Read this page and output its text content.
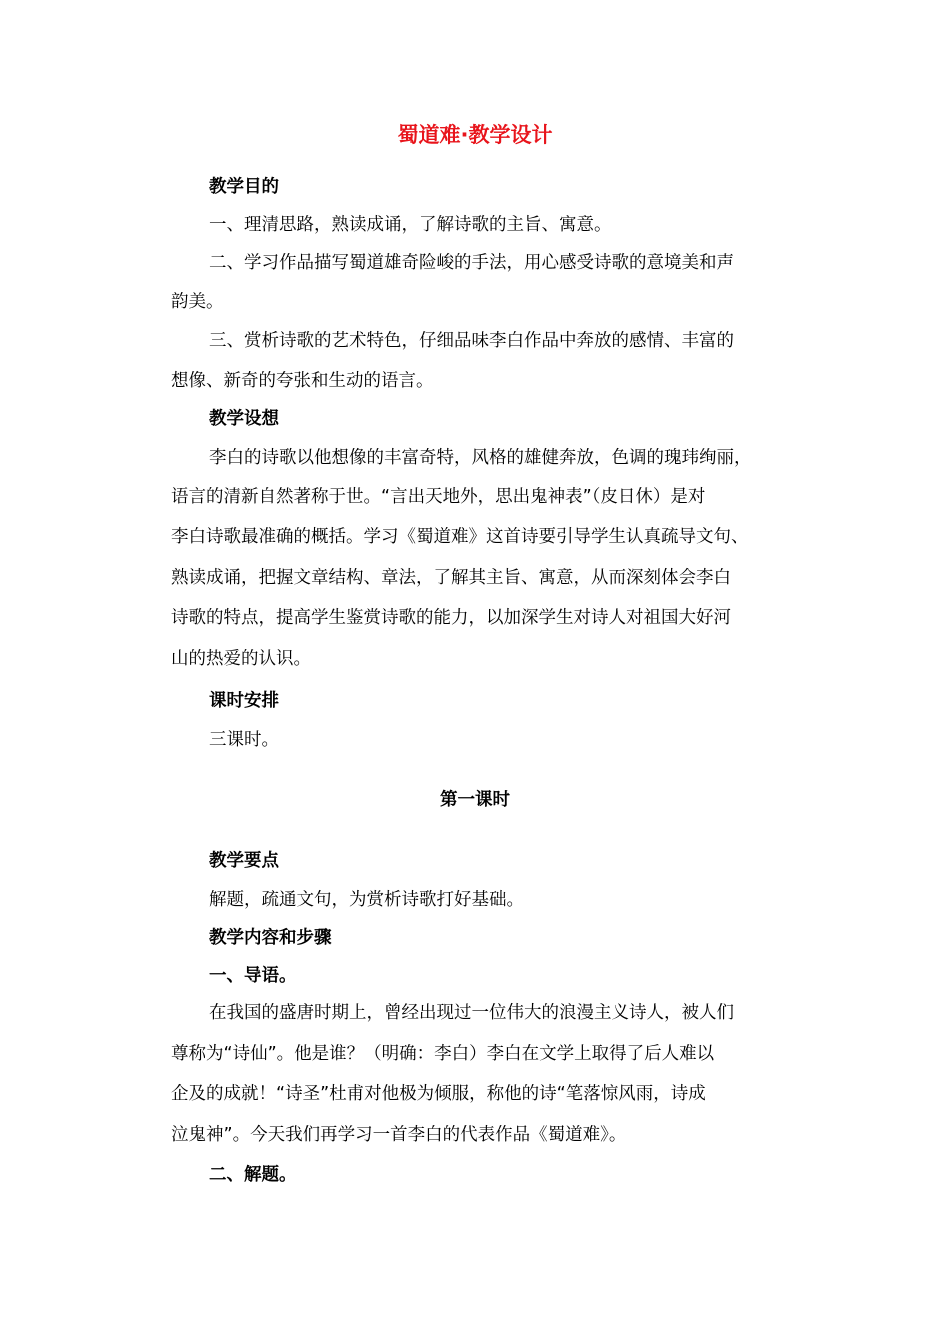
蜀道难·教学设计
教学目的
一、理清思路，熟读成诵，了解诗歌的主旨、寓意。
二、学习作品描写蜀道雄奇险峻的手法，用心感受诗歌的意境美和声
韵美。
三、赏析诗歌的艺术特色，仔细品味李白作品中奔放的感情、丰富的
想像、新奇的夸张和生动的语言。
教学设想
李白的诗歌以他想像的丰富奇特，风格的雄健奔放，色调的瑰玮绚丽，
语言的清新自然著称于世。“言出天地外，思出鬼神表”（皮日休）是对
李白诗歌最准确的概括。学习《蜀道难》这首诗要引导学生认真疏导文句、
熟读成诵，把握文章结构、章法，了解其主旨、寓意，从而深刻体会李白
诗歌的特点，提高学生鉴赏诗歌的能力，以加深学生对诗人对祖国大好河
山的热爱的认识。
课时安排
三课时。
第一课时
教学要点
解题，疏通文句，为赏析诗歌打好基础。
教学内容和步骤
一、导语。
在我国的盛唐时期上，曾经出现过一位伟大的浪漫主义诗人，被人们
尊称为“诗仙”。他是谁？（明确：李白）李白在文学上取得了后人难以
企及的成就！“诗圣”杜甫对他极为倾服，称他的诗“笔落惊风雨，诗成
泣鬼神”。今天我们再学习一首李白的代表作品《蜀道难》。
二、解题。
